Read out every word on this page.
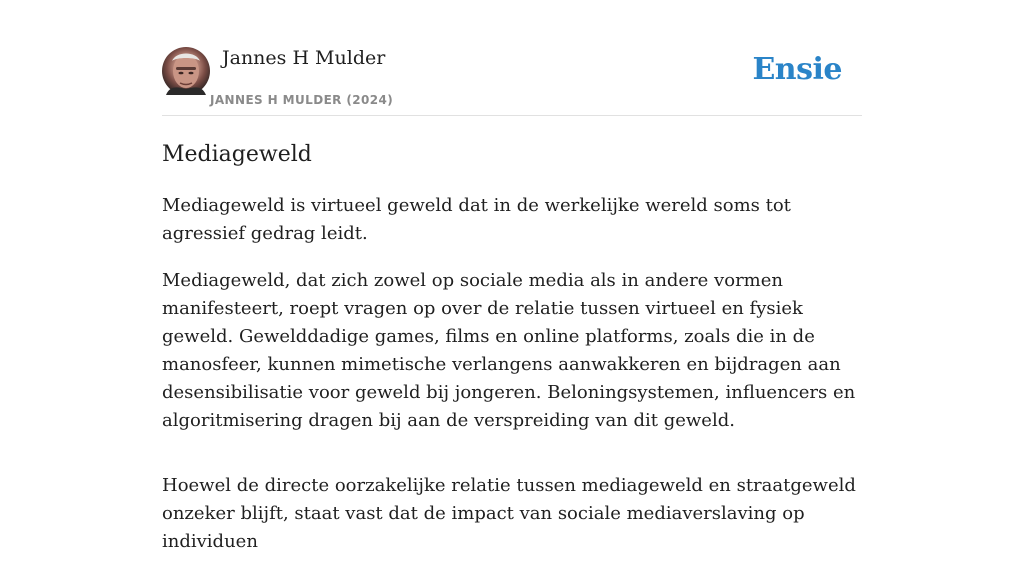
Jannes H Mulder
JANNES H MULDER (2024)
Ensie
Mediageweld

Mediageweld is virtueel geweld dat in de werkelijke wereld soms tot agressief gedrag leidt.

Mediageweld, dat zich zowel op sociale media als in andere vormen manifesteert, roept vragen op over de relatie tussen virtueel en fysiek geweld. Gewelddadige games, films en online platforms, zoals die in de manosfeer, kunnen mimetische verlangens aanwakkeren en bijdragen aan desensibilisatie voor geweld bij jongeren. Beloningsystemen, influencers en algoritmisering dragen bij aan de verspreiding van dit geweld.

Hoewel de directe oorzakelijke relatie tussen mediageweld en straatgeweld onzeker blijft, staat vast dat de impact van sociale mediaverslaving op individuen
